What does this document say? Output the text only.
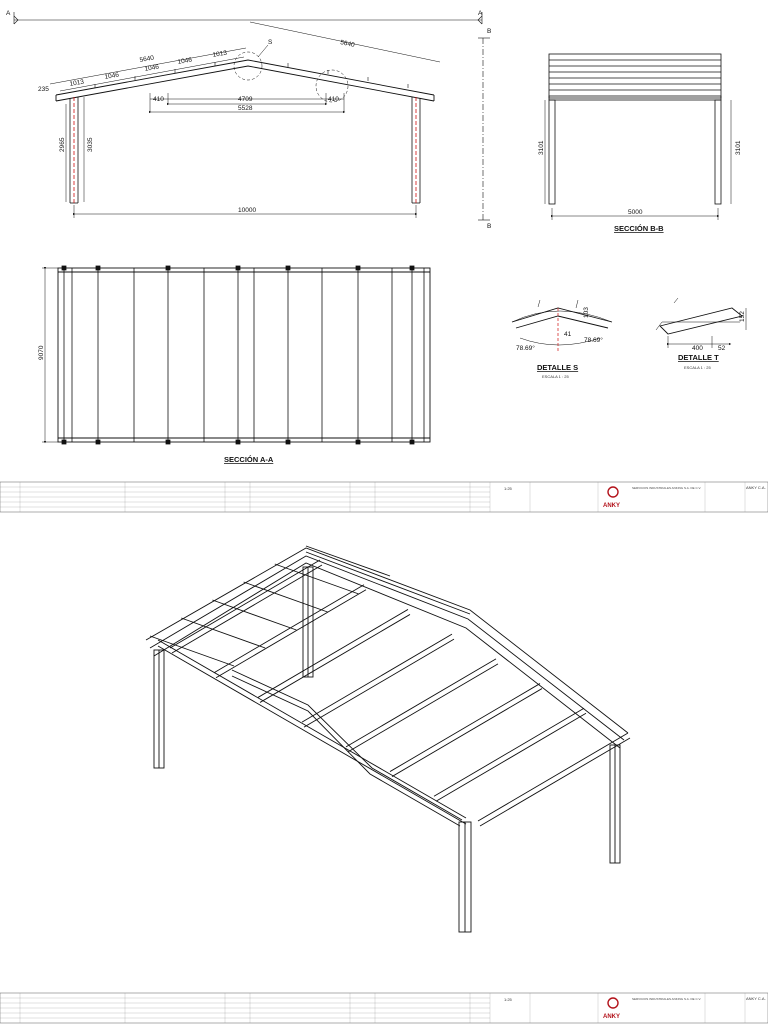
A	A
B
B
S
235
1013
1046
1046
1046
1013
5640
5640
410	4709	410
5528
2965	3035
10000
3101	3101
5000
SECCIÓN B-B
9070
SECCIÓN A-A
78.69°
78.69°
41
103
DETALLE S
ESCALA 1 : 25
152
400 52
DETALLE T
ESCALA 1 : 25
ANKY
SERVICIOS INDUSTRIALES ANKING S.A. DE C.V.	ANKY C.A.
1:25
ANKY
SERVICIOS INDUSTRIALES ANKING S.A. DE C.V.	ANKY C.A.
1:25
